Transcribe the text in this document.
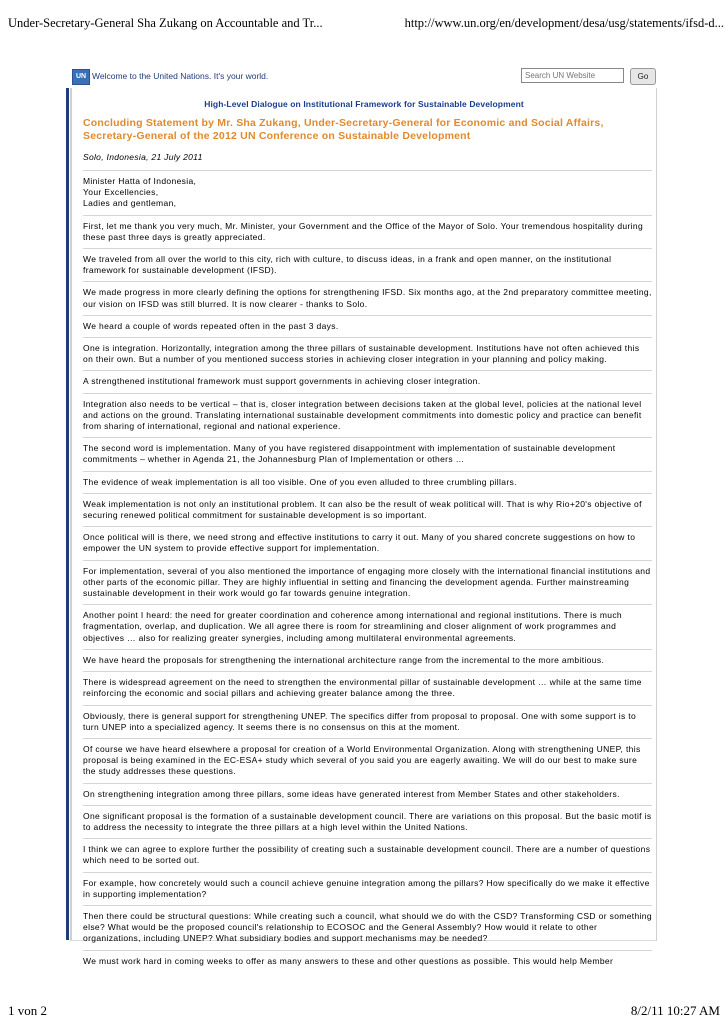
Under-Secretary-General Sha Zukang on Accountable and Tr...	http://www.un.org/en/development/desa/usg/statements/ifsd-d...
UN Welcome to the United Nations. It's your world.
Search UN Website	Go
High-Level Dialogue on Institutional Framework for Sustainable Development
Concluding Statement by Mr. Sha Zukang, Under-Secretary-General for Economic and Social Affairs, Secretary-General of the 2012 UN Conference on Sustainable Development
Solo, Indonesia, 21 July 2011
Minister Hatta of Indonesia,
Your Excellencies,
Ladies and gentleman,
First, let me thank you very much, Mr. Minister, your Government and the Office of the Mayor of Solo. Your tremendous hospitality during these past three days is greatly appreciated.
We traveled from all over the world to this city, rich with culture, to discuss ideas, in a frank and open manner, on the institutional framework for sustainable development (IFSD).
We made progress in more clearly defining the options for strengthening IFSD. Six months ago, at the 2nd preparatory committee meeting, our vision on IFSD was still blurred. It is now clearer - thanks to Solo.
We heard a couple of words repeated often in the past 3 days.
One is integration. Horizontally, integration among the three pillars of sustainable development. Institutions have not often achieved this on their own. But a number of you mentioned success stories in achieving closer integration in your planning and policy making.
A strengthened institutional framework must support governments in achieving closer integration.
Integration also needs to be vertical – that is, closer integration between decisions taken at the global level, policies at the national level and actions on the ground. Translating international sustainable development commitments into domestic policy and practice can benefit from sharing of international, regional and national experience.
The second word is implementation. Many of you have registered disappointment with implementation of sustainable development commitments – whether in Agenda 21, the Johannesburg Plan of Implementation or others …
The evidence of weak implementation is all too visible. One of you even alluded to three crumbling pillars.
Weak implementation is not only an institutional problem. It can also be the result of weak political will. That is why Rio+20's objective of securing renewed political commitment for sustainable development is so important.
Once political will is there, we need strong and effective institutions to carry it out. Many of you shared concrete suggestions on how to empower the UN system to provide effective support for implementation.
For implementation, several of you also mentioned the importance of engaging more closely with the international financial institutions and other parts of the economic pillar. They are highly influential in setting and financing the development agenda. Further mainstreaming sustainable development in their work would go far towards genuine integration.
Another point I heard: the need for greater coordination and coherence among international and regional institutions. There is much fragmentation, overlap, and duplication. We all agree there is room for streamlining and closer alignment of work programmes and objectives … also for realizing greater synergies, including among multilateral environmental agreements.
We have heard the proposals for strengthening the international architecture range from the incremental to the more ambitious.
There is widespread agreement on the need to strengthen the environmental pillar of sustainable development … while at the same time reinforcing the economic and social pillars and achieving greater balance among the three.
Obviously, there is general support for strengthening UNEP. The specifics differ from proposal to proposal. One with some support is to turn UNEP into a specialized agency. It seems there is no consensus on this at the moment.
Of course we have heard elsewhere a proposal for creation of a World Environmental Organization. Along with strengthening UNEP, this proposal is being examined in the EC-ESA+ study which several of you said you are eagerly awaiting. We will do our best to make sure the study addresses these questions.
On strengthening integration among three pillars, some ideas have generated interest from Member States and other stakeholders.
One significant proposal is the formation of a sustainable development council. There are variations on this proposal. But the basic motif is to address the necessity to integrate the three pillars at a high level within the United Nations.
I think we can agree to explore further the possibility of creating such a sustainable development council. There are a number of questions which need to be sorted out.
For example, how concretely would such a council achieve genuine integration among the pillars? How specifically do we make it effective in supporting implementation?
Then there could be structural questions: While creating such a council, what should we do with the CSD? Transforming CSD or something else? What would be the proposed council's relationship to ECOSOC and the General Assembly? How would it relate to other organizations, including UNEP? What subsidiary bodies and support mechanisms may be needed?
We must work hard in coming weeks to offer as many answers to these and other questions as possible. This would help Member
1 von 2	8/2/11 10:27 AM
